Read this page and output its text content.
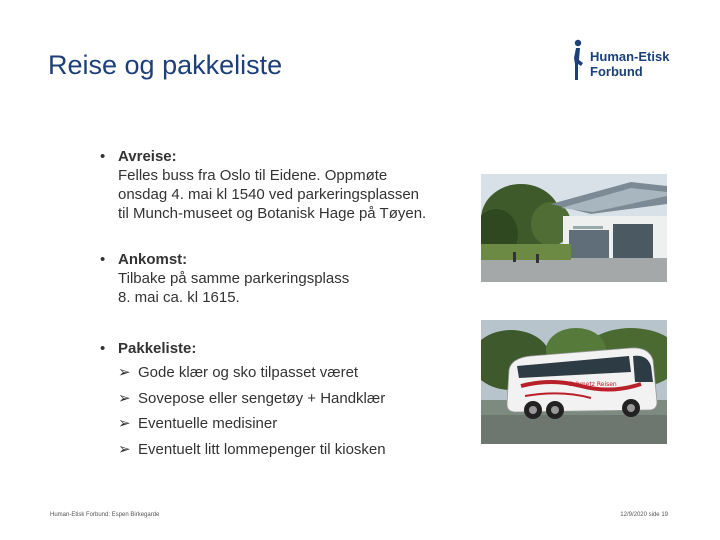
Reise og pakkeliste	Human-Etisk
Forbund
• Avreise:
Felles buss fra Oslo til Eidene. Oppmøte
onsdag 4. mai kl 1540 ved parkeringsplassen
til Munch-museet og Botanisk Hage på Tøyen.
• Ankomst:
Tilbake på samme parkeringsplass
8. mai ca. kl 1615.
• Pakkeliste:
➢ Gode klær og sko tilpasset været
➢ Sovepose eller sengetøy + Handklær
➢ Eventuelle medisiner
➢ Eventuelt litt lommepenger til kiosken
Schmetz Reisen
Human-Etisk Forbund: Espen Birkegarde	12/9/2020 side 19
